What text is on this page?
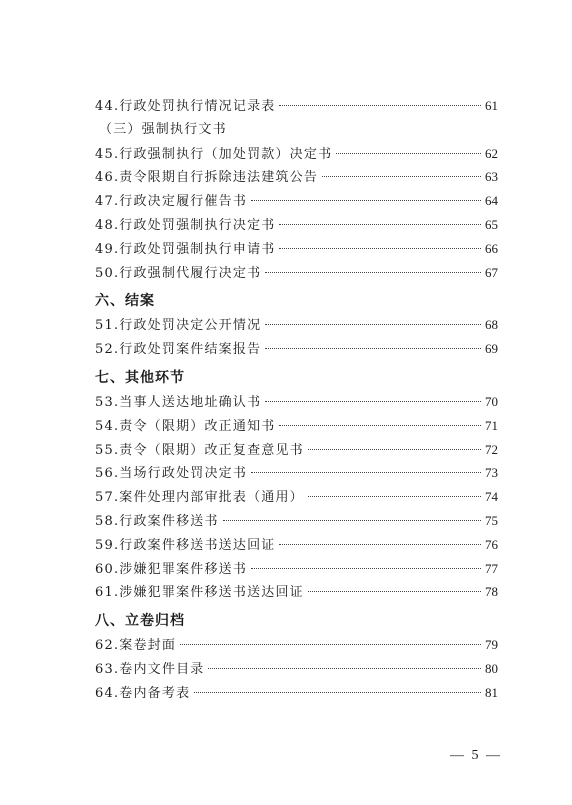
44.行政处罚执行情况记录表	61
（三）强制执行文书
45.行政强制执行（加处罚款）决定书	62
46.责令限期自行拆除违法建筑公告	63
47.行政决定履行催告书	64
48.行政处罚强制执行决定书	65
49.行政处罚强制执行申请书	66
50.行政强制代履行决定书	67
六、结案
51.行政处罚决定公开情况	68
52.行政处罚案件结案报告	69
七、其他环节
53.当事人送达地址确认书	70
54.责令（限期）改正通知书	71
55.责令（限期）改正复查意见书	72
56.当场行政处罚决定书	73
57.案件处理内部审批表（通用）	74
58.行政案件移送书	75
59.行政案件移送书送达回证	76
60.涉嫌犯罪案件移送书	77
61.涉嫌犯罪案件移送书送达回证	78
八、立卷归档
62.案卷封面	79
63.卷内文件目录	80
64.卷内备考表	81
— 5 —
